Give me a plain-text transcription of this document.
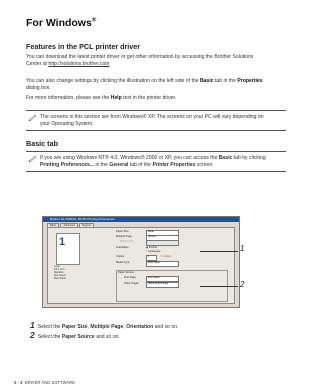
For Windows®
Features in the PCL printer driver
You can download the latest printer driver or get other information by accessing the Brother Solutions
Center at http://solutions.brother.com
You can also change settings by clicking the illustration on the left side of the Basic tab in the Properties
dialog box.
For more information, please see the Help text in the printer driver.
The screens in this section are from Windows® XP. The screens on your PC will vary depending on
your Operating System.
Basic tab
If you are using Windows NT® 4.0, Windows® 2000 or XP, you can access the Basic tab by clicking
Printing Preferences... in the General tab of the Printer Properties screen.
Brother HL-5050/HL-5070N Printing Preferences
Basic	Advanced	Support
1
Letter
8.5 x 11 in
Standard
Auto Select
Plain Paper
Paper Size	Letter
Multiple Page	Normal
Border Line
Orientation	◉ Portrait
○ Landscape
Copies	1	☐ Collate
Media Type	Plain Paper
Paper Source
First Page	Auto Select
Other Pages	Same as First Page
1
2
1 Select the Paper Size, Multiple Page, Orientation and so on.
2 Select the Paper Source and so on.
2 - 3 DRIVER AND SOFTWARE
